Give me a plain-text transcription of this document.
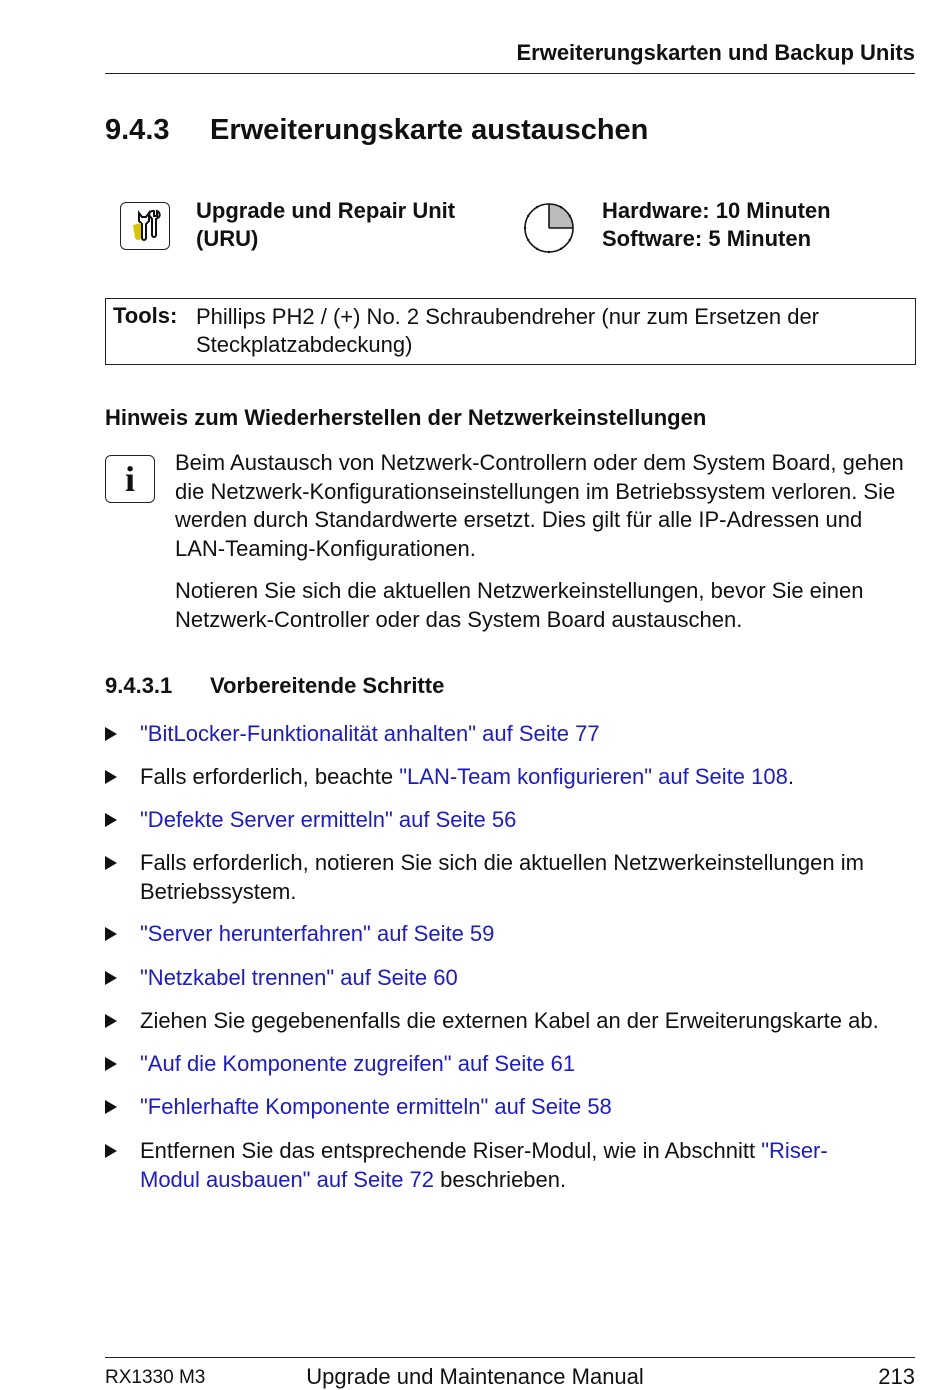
Erweiterungskarten und Backup Units
9.4.3 Erweiterungskarte austauschen
Upgrade und Repair Unit
(URU)
Hardware: 10 Minuten
Software: 5 Minuten
Tools: Phillips PH2 / (+) No. 2 Schraubendreher (nur zum Ersetzen der
Steckplatzabdeckung)
Hinweis zum Wiederherstellen der Netzwerkeinstellungen
i	Beim Austausch von Netzwerk-Controllern oder dem System Board, gehen die Netzwerk-Konfigurationseinstellungen im Betriebssystem verloren. Sie werden durch Standardwerte ersetzt. Dies gilt für alle IP-Adressen und LAN-Teaming-Konfigurationen.
Notieren Sie sich die aktuellen Netzwerkeinstellungen, bevor Sie einen Netzwerk-Controller oder das System Board austauschen.
9.4.3.1 Vorbereitende Schritte
"BitLocker-Funktionalität anhalten" auf Seite 77
Falls erforderlich, beachte "LAN-Team konfigurieren" auf Seite 108.
"Defekte Server ermitteln" auf Seite 56
Falls erforderlich, notieren Sie sich die aktuellen Netzwerkeinstellungen im Betriebssystem.
"Server herunterfahren" auf Seite 59
"Netzkabel trennen" auf Seite 60
Ziehen Sie gegebenenfalls die externen Kabel an der Erweiterungskarte ab.
"Auf die Komponente zugreifen" auf Seite 61
"Fehlerhafte Komponente ermitteln" auf Seite 58
Entfernen Sie das entsprechende Riser-Modul, wie in Abschnitt "Riser-Modul ausbauen" auf Seite 72 beschrieben.
RX1330 M3	Upgrade und Maintenance Manual	213
